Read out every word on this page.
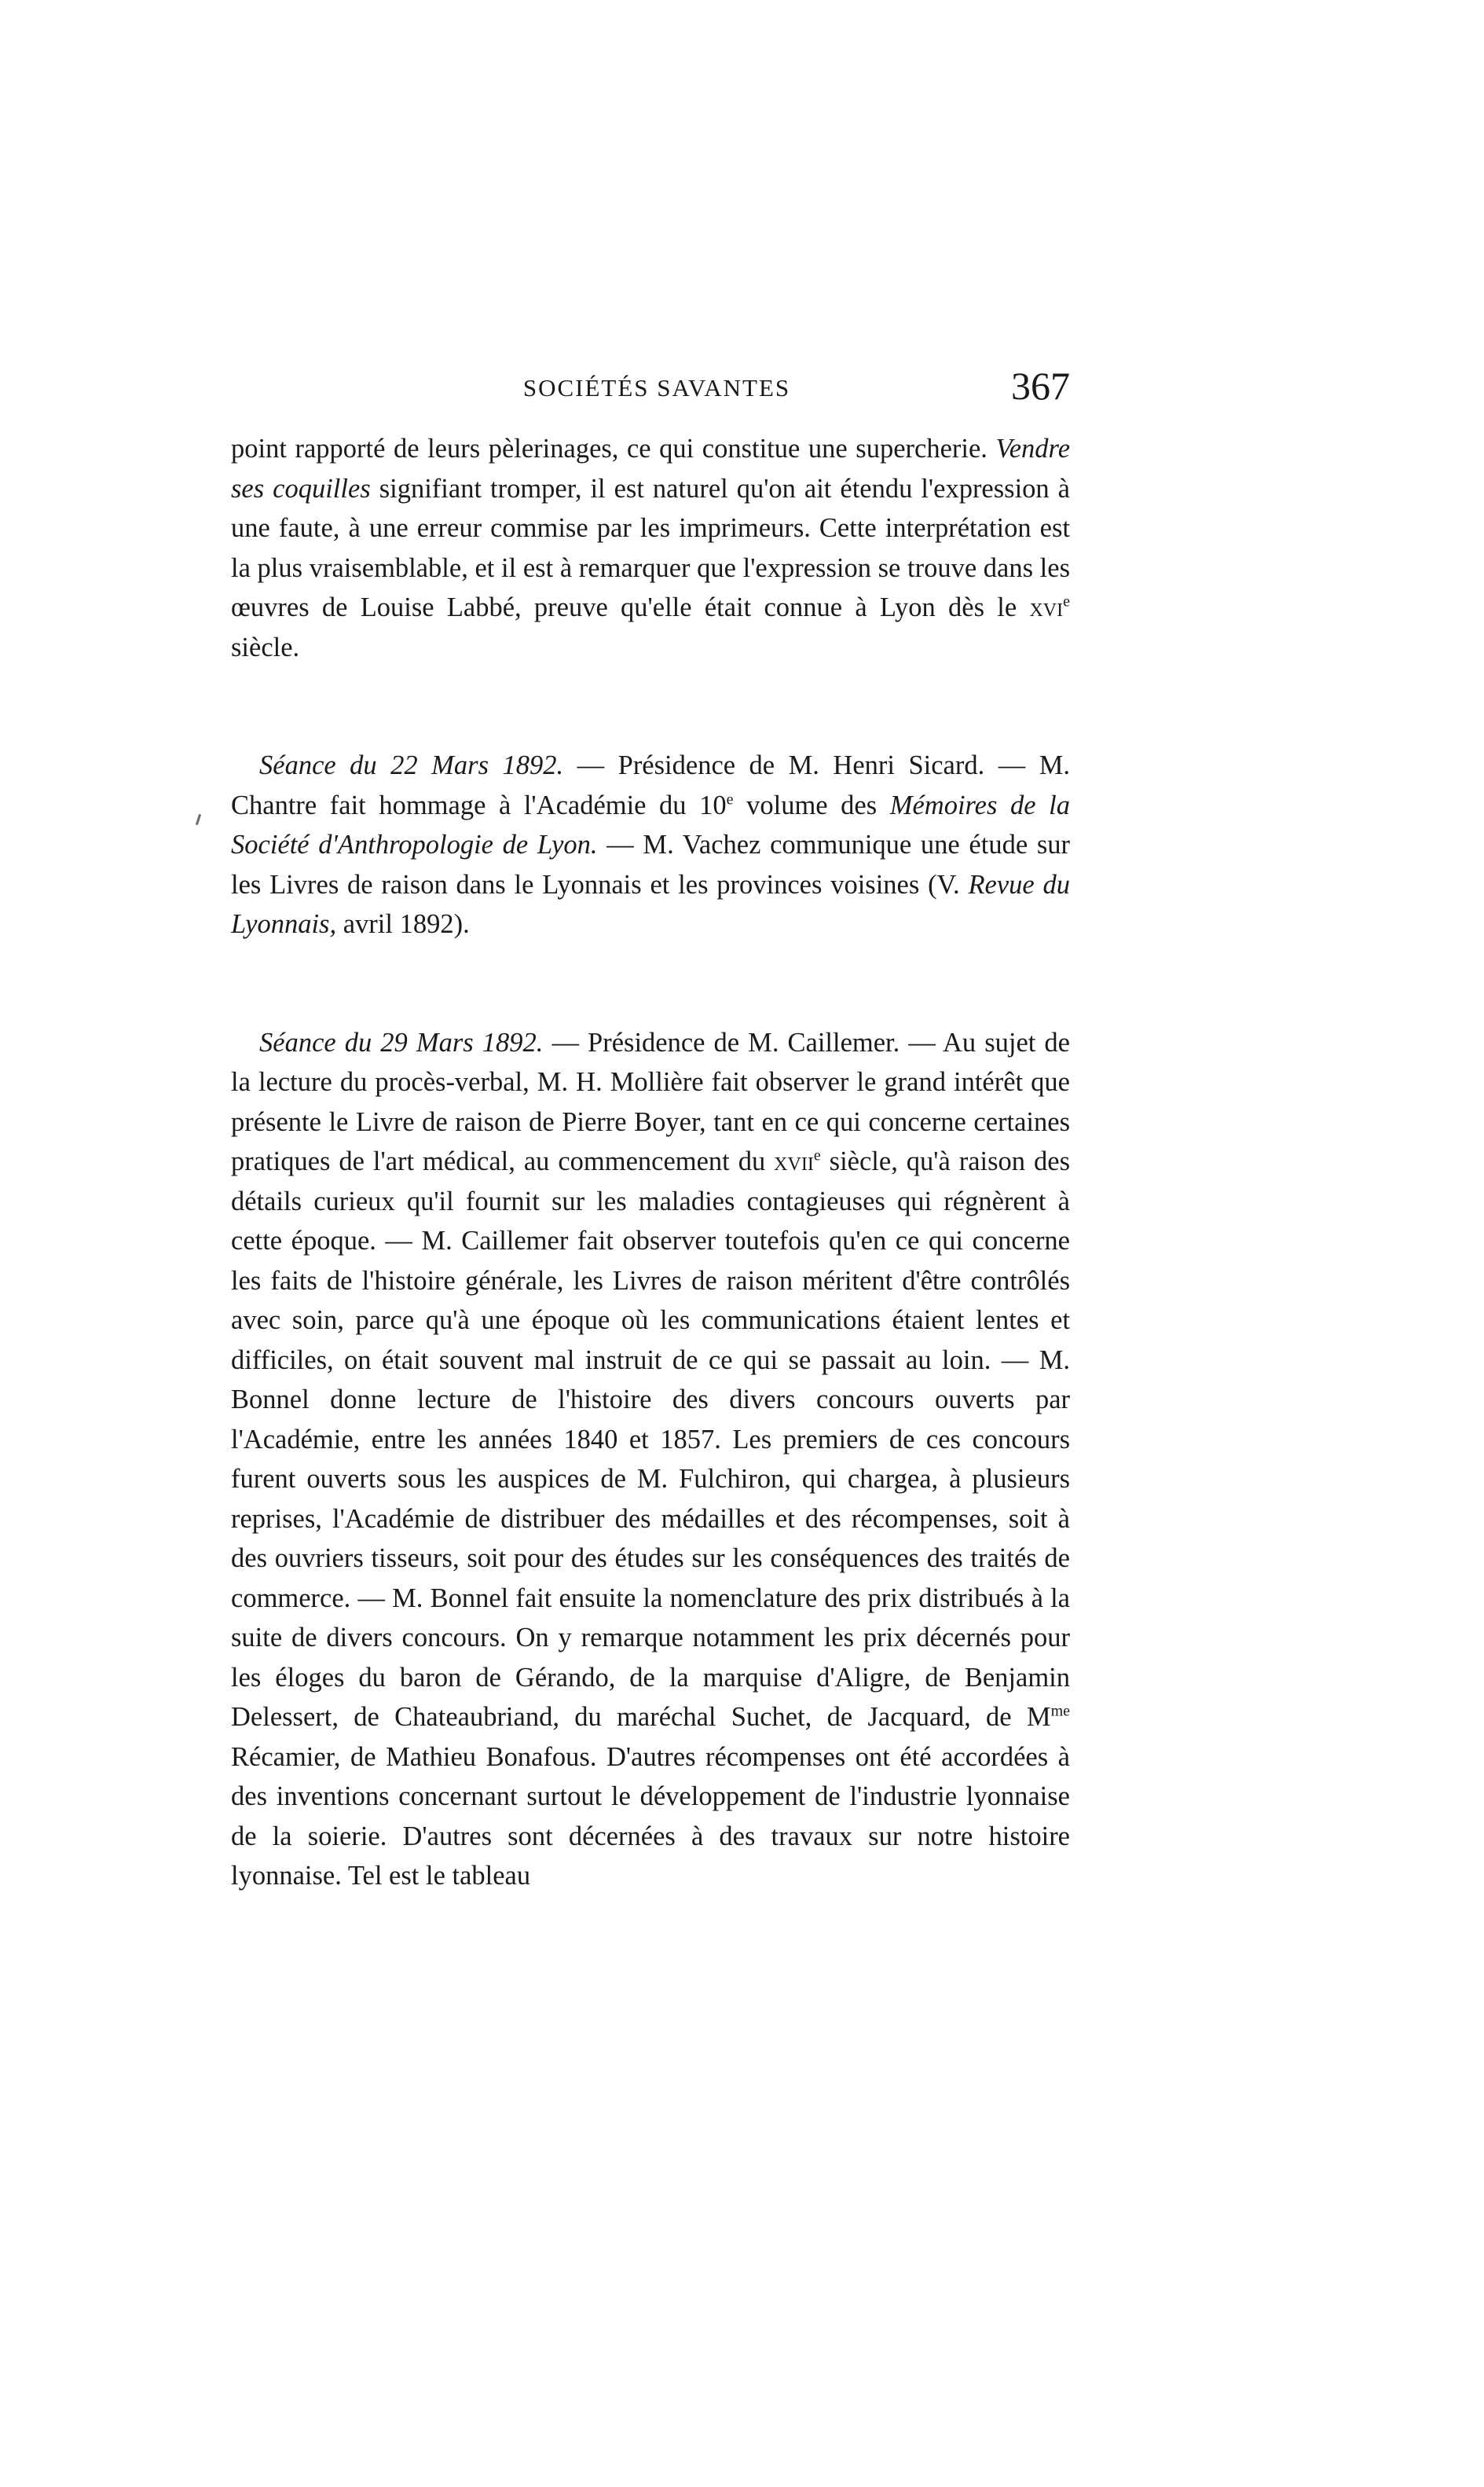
SOCIÉTÉS SAVANTES	367

point rapporté de leurs pèlerinages, ce qui constitue une supercherie. Vendre ses coquilles signifiant tromper, il est naturel qu'on ait étendu l'expression à une faute, à une erreur commise par les imprimeurs. Cette interprétation est la plus vraisemblable, et il est à remarquer que l'expression se trouve dans les œuvres de Louise Labbé, preuve qu'elle était connue à Lyon dès le xvi$^e$ siècle.

Séance du 22 Mars 1892. — Présidence de M. Henri Sicard. — M. Chantre fait hommage à l'Académie du 10e volume des Mémoires de la Société d'Anthropologie de Lyon. — M. Vachez communique une étude sur les Livres de raison dans le Lyonnais et les provinces voisines (V. Revue du Lyonnais, avril 1892).

Séance du 29 Mars 1892. — Présidence de M. Caillemer. — Au sujet de la lecture du procès-verbal, M. H. Mollière fait observer le grand intérêt que présente le Livre de raison de Pierre Boyer, tant en ce qui concerne certaines pratiques de l'art médical, au commencement du xvii$^e$ siècle, qu'à raison des détails curieux qu'il fournit sur les maladies contagieuses qui régnèrent à cette époque. — M. Caillemer fait observer toutefois qu'en ce qui concerne les faits de l'histoire générale, les Livres de raison méritent d'être contrôlés avec soin, parce qu'à une époque où les communications étaient lentes et difficiles, on était souvent mal instruit de ce qui se passait au loin. — M. Bonnel donne lecture de l'histoire des divers concours ouverts par l'Académie, entre les années 1840 et 1857. Les premiers de ces concours furent ouverts sous les auspices de M. Fulchiron, qui chargea, à plusieurs reprises, l'Académie de distribuer des médailles et des récompenses, soit à des ouvriers tisseurs, soit pour des études sur les conséquences des traités de commerce. — M. Bonnel fait ensuite la nomenclature des prix distribués à la suite de divers concours. On y remarque notamment les prix décernés pour les éloges du baron de Gérando, de la marquise d'Aligre, de Benjamin Delessert, de Chateaubriand, du maréchal Suchet, de Jacquard, de $M^{me}$ Récamier, de Mathieu Bonafous. D'autres récompenses ont été accordées à des inventions concernant surtout le développement de l'industrie lyonnaise de la soierie. D'autres sont décernées à des travaux sur notre histoire lyonnaise. Tel est le tableau
